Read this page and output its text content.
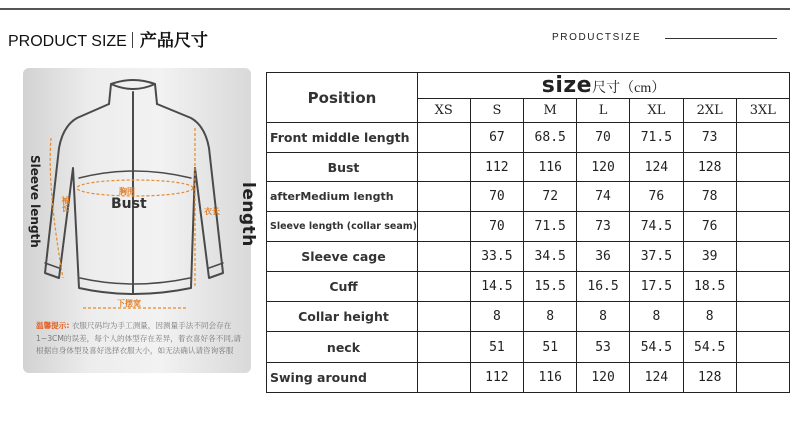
PRODUCT SIZE 产品尺寸	PRODUCTSIZE
Sleeve length	length
Bust
胸围
袖长	衣长
下摆宽
温馨提示: 衣服尺码均为手工测量，因测量手法不同会存在1~3CM的误差，每个人的体型存在差异，着衣喜好各不同,请根据自身体型及喜好选择衣服大小，如无法确认请咨询客服
Position	size尺寸（cm）						
	XS	S	M	L	XL	2XL	3XL
Front middle length		67	68.5	70	71.5	73	
Bust		112	116	120	124	128	
afterMedium length		70	72	74	76	78	
Sleeve length (collar seam)		70	71.5	73	74.5	76	
Sleeve cage		33.5	34.5	36	37.5	39	
Cuff		14.5	15.5	16.5	17.5	18.5	
Collar height		8	8	8	8	8	
neck		51	51	53	54.5	54.5	
Swing around		112	116	120	124	128	
